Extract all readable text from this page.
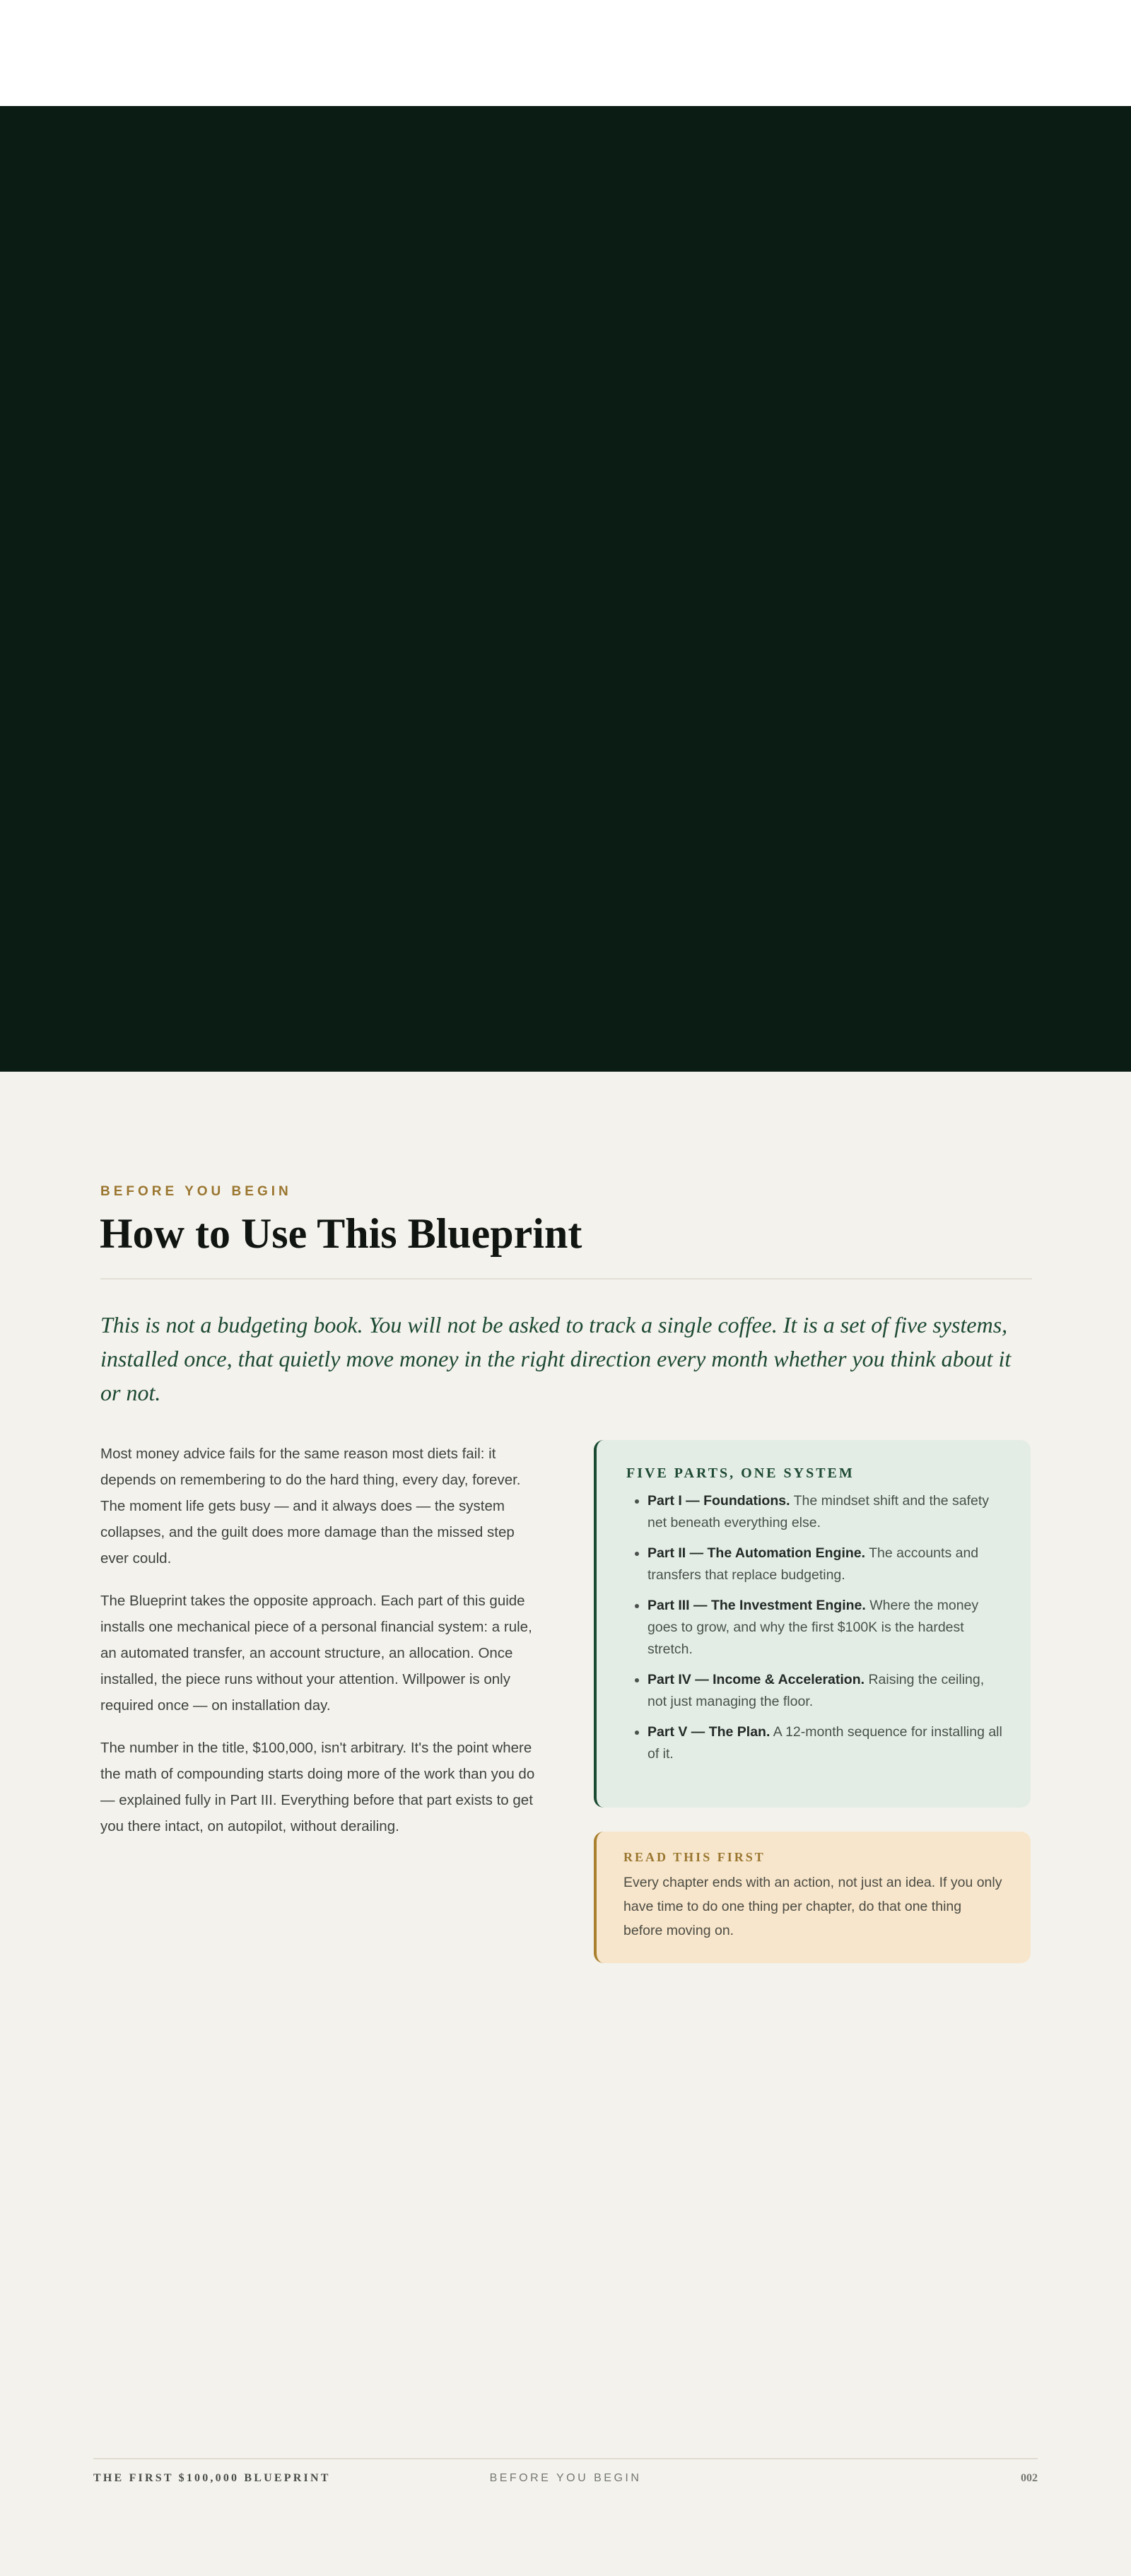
BEFORE YOU BEGIN
How to Use This Blueprint

This is not a budgeting book. You will not be asked to track a single coffee. It is a set of five systems, installed once, that quietly move money in the right direction every month whether you think about it or not.

Most money advice fails for the same reason most diets fail: it depends on remembering to do the hard thing, every day, forever. The moment life gets busy — and it always does — the system collapses, and the guilt does more damage than the missed step ever could.

The Blueprint takes the opposite approach. Each part of this guide installs one mechanical piece of a personal financial system: a rule, an automated transfer, an account structure, an allocation. Once installed, the piece runs without your attention. Willpower is only required once — on installation day.

The number in the title, $100,000, isn't arbitrary. It's the point where the math of compounding starts doing more of the work than you do — explained fully in Part III. Everything before that part exists to get you there intact, on autopilot, without derailing.

FIVE PARTS, ONE SYSTEM
• Part I — Foundations. The mindset shift and the safety net beneath everything else.
• Part II — The Automation Engine. The accounts and transfers that replace budgeting.
• Part III — The Investment Engine. Where the money goes to grow, and why the first $100K is the hardest stretch.
• Part IV — Income & Acceleration. Raising the ceiling, not just managing the floor.
• Part V — The Plan. A 12-month sequence for installing all of it.
READ THIS FIRST

Every chapter ends with an action, not just an idea. If you only have time to do one thing per chapter, do that one thing before moving on.

THE FIRST $100,000 BLUEPRINT	BEFORE YOU BEGIN	002
